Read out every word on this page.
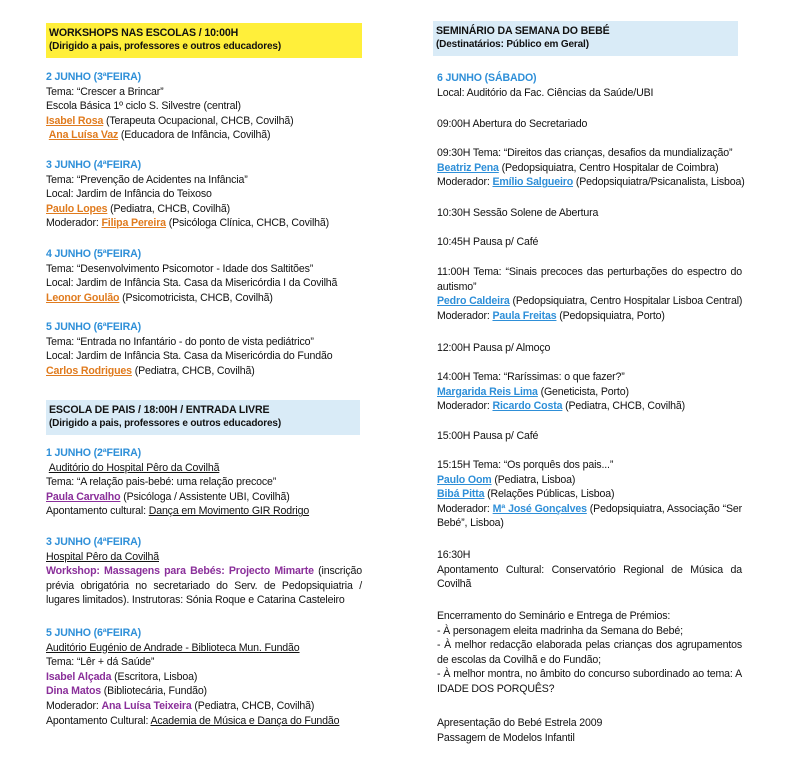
WORKSHOPS NAS ESCOLAS / 10:00H
(Dirigido a pais, professores e outros educadores)
2 JUNHO (3ªFEIRA)
Tema: “Crescer a Brincar”
Escola Básica 1º ciclo S. Silvestre (central)
Isabel Rosa (Terapeuta Ocupacional, CHCB, Covilhã)
Ana Luísa Vaz (Educadora de Infância, Covilhã)
3 JUNHO (4ªFEIRA)
Tema: “Prevenção de Acidentes na Infância”
Local: Jardim de Infância do Teixoso
Paulo Lopes (Pediatra, CHCB, Covilhã)
Moderador: Filipa Pereira (Psicóloga Clínica, CHCB, Covilhã)
4 JUNHO (5ªFEIRA)
Tema: “Desenvolvimento Psicomotor - Idade dos Saltitões”
Local: Jardim de Infância Sta. Casa da Misericórdia I da Covilhã
Leonor Goulão (Psicomotricista, CHCB, Covilhã)
5 JUNHO (6ªFEIRA)
Tema: “Entrada no Infantário - do ponto de vista pediátrico”
Local: Jardim de Infância Sta. Casa da Misericórdia do Fundão
Carlos Rodrigues (Pediatra, CHCB, Covilhã)
ESCOLA DE PAIS / 18:00H / ENTRADA LIVRE
(Dirigido a pais, professores e outros educadores)
1 JUNHO (2ªFEIRA)
Auditório do Hospital Pêro da Covilhã
Tema: “A relação pais-bebé: uma relação precoce”
Paula Carvalho (Psicóloga / Assistente UBI, Covilhã)
Apontamento cultural: Dança em Movimento GIR Rodrigo
3 JUNHO (4ªFEIRA)
Hospital Pêro da Covilhã
Workshop: Massagens para Bebés: Projecto Mimarte (inscrição prévia obrigatória no secretariado do Serv. de Pedopsiquiatria / lugares limitados). Instrutoras: Sónia Roque e Catarina Casteleiro
5 JUNHO (6ªFEIRA)
Auditório Eugénio de Andrade - Biblioteca Mun. Fundão
Tema: “Lêr + dá Saúde”
Isabel Alçada (Escritora, Lisboa)
Dina Matos (Bibliotecária, Fundão)
Moderador: Ana Luísa Teixeira (Pediatra, CHCB, Covilhã)
Apontamento Cultural: Academia de Música e Dança do Fundão
SEMINÁRIO DA SEMANA DO BEBÉ
(Destinatários: Público em Geral)
6 JUNHO (SÁBADO)
Local: Auditório da Fac. Ciências da Saúde/UBI
09:00H Abertura do Secretariado
09:30H Tema: “Direitos das crianças, desafios da mundialização”
Beatriz Pena (Pedopsiquiatra, Centro Hospitalar de Coimbra)
Moderador: Emílio Salgueiro (Pedopsiquiatra/Psicanalista, Lisboa)
10:30H Sessão Solene de Abertura
10:45H Pausa p/ Café
11:00H Tema: “Sinais precoces das perturbações do espectro do autismo”
Pedro Caldeira (Pedopsiquiatra, Centro Hospitalar Lisboa Central)
Moderador: Paula Freitas (Pedopsiquiatra, Porto)
12:00H Pausa p/ Almoço
14:00H Tema: “Raríssimas: o que fazer?”
Margarida Reis Lima (Geneticista, Porto)
Moderador: Ricardo Costa (Pediatra, CHCB, Covilhã)
15:00H Pausa p/ Café
15:15H Tema: “Os porquês dos pais...”
Paulo Oom (Pediatra, Lisboa)
Bibá Pitta (Relações Públicas, Lisboa)
Moderador: Mª José Gonçalves (Pedopsiquiatra, Associação “Ser Bebé”, Lisboa)
16:30H
Apontamento Cultural: Conservatório Regional de Música da Covilhã
Encerramento do Seminário e Entrega de Prémios:
- À personagem eleita madrinha da Semana do Bebé;
- À melhor redacção elaborada pelas crianças dos agrupamentos de escolas da Covilhã e do Fundão;
- À melhor montra, no âmbito do concurso subordinado ao tema: A IDADE DOS PORQUÊS?
Apresentação do Bebé Estrela 2009
Passagem de Modelos Infantil
